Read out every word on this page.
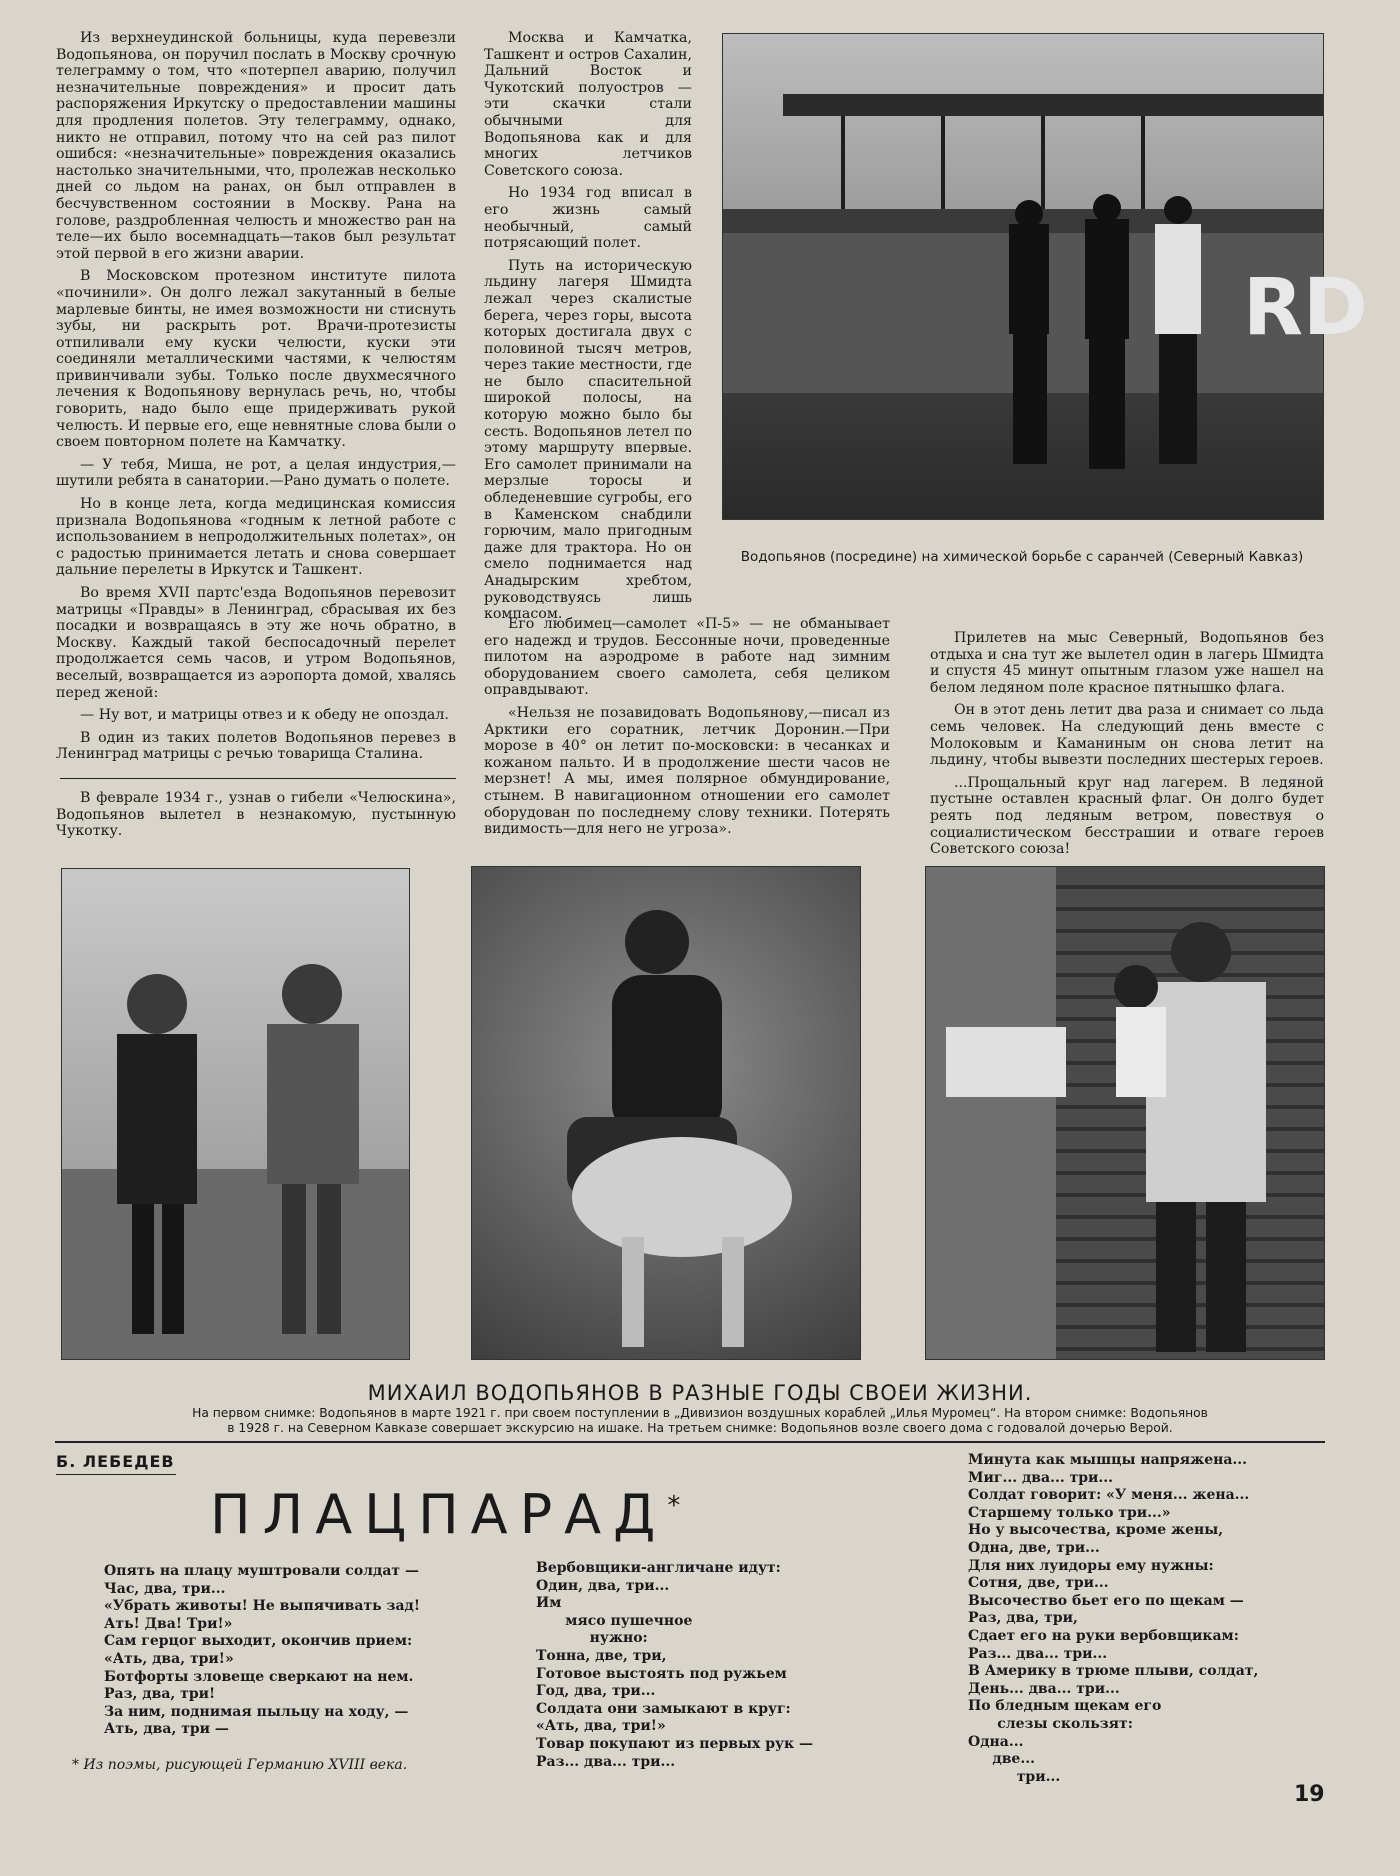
Из верхнеудинской больницы, куда перевезли Водопьянова, он поручил послать в Москву срочную телеграмму о том, что «потерпел аварию, получил незначительные повреждения» и просит дать распоряжения Иркутску о предоставлении машины для продления полетов. Эту телеграмму, однако, никто не отправил, потому что на сей раз пилот ошибся: «незначительные» повреждения оказались настолько значительными, что, пролежав несколько дней со льдом на ранах, он был отправлен в бесчувственном состоянии в Москву. Рана на голове, раздробленная челюсть и множество ран на теле—их было восемнадцать—таков был результат этой первой в его жизни аварии.

В Московском протезном институте пилота «починили». Он долго лежал закутанный в белые марлевые бинты, не имея возможности ни стиснуть зубы, ни раскрыть рот. Врачи-протезисты отпиливали ему куски челюсти, куски эти соединяли металлическими частями, к челюстям привинчивали зубы. Только после двухмесячного лечения к Водопьянову вернулась речь, но, чтобы говорить, надо было еще придерживать рукой челюсть. И первые его, еще невнятные слова были о своем повторном полете на Камчатку.

— У тебя, Миша, не рот, а целая индустрия,— шутили ребята в санатории.—Рано думать о полете.

Но в конце лета, когда медицинская комиссия признала Водопьянова «годным к летной работе с использованием в непродолжительных полетах», он с радостью принимается летать и снова совершает дальние перелеты в Иркутск и Ташкент.

Во время XVII партс'езда Водопьянов перевозит матрицы «Правды» в Ленинград, сбрасывая их без посадки и возвращаясь в эту же ночь обратно, в Москву. Каждый такой беспосадочный перелет продолжается семь часов, и утром Водопьянов, веселый, возвращается из аэропорта домой, хвалясь перед женой:

— Ну вот, и матрицы отвез и к обеду не опоздал.

В один из таких полетов Водопьянов перевез в Ленинград матрицы с речью товарища Сталина.

В феврале 1934 г., узнав о гибели «Челюскина», Водопьянов вылетел в незнакомую, пустынную Чукотку.

Москва и Камчатка, Ташкент и остров Сахалин, Дальний Восток и Чукотский полуостров — эти скачки стали обычными для Водопьянова как и для многих летчиков Советского союза.

Но 1934 год вписал в его жизнь самый необычный, самый потрясающий полет.

Путь на историческую льдину лагеря Шмидта лежал через скалистые берега, через горы, высота которых достигала двух с половиной тысяч метров, через такие местности, где не было спасительной широкой полосы, на которую можно было бы сесть. Водопьянов летел по этому маршруту впервые. Его самолет принимали на мерзлые торосы и обледеневшие сугробы, его в Каменском снабдили горючим, мало пригодным даже для трактора. Но он смело поднимается над Анадырским хребтом, руководствуясь лишь компасом.

Его любимец—самолет «П-5» — не обманывает его надежд и трудов. Бессонные ночи, проведенные пилотом на аэродроме в работе над зимним оборудованием своего самолета, себя целиком оправдывают.

«Нельзя не позавидовать Водопьянову,—писал из Арктики его соратник, летчик Доронин.—При морозе в 40° он летит по-московски: в чесанках и кожаном пальто. И в продолжение шести часов не мерзнет! А мы, имея полярное обмундирование, стынем. В навигационном отношении его самолет оборудован по последнему слову техники. Потерять видимость—для него не угроза».

RD
Водопьянов (посредине) на химической борьбе с саранчей (Северный Кавказ)

Прилетев на мыс Северный, Водопьянов без отдыха и сна тут же вылетел один в лагерь Шмидта и спустя 45 минут опытным глазом уже нашел на белом ледяном поле красное пятнышко флага.

Он в этот день летит два раза и снимает со льда семь человек. На следующий день вместе с Молоковым и Каманиным он снова летит на льдину, чтобы вывезти последних шестерых героев.

...Прощальный круг над лагерем. В ледяной пустыне оставлен красный флаг. Он долго будет реять под ледяным ветром, повествуя о социалистическом бесстрашии и отваге героев Советского союза!

МИХАИЛ ВОДОПЬЯНОВ В РАЗНЫЕ ГОДЫ СВОЕИ ЖИЗНИ.
На первом снимке: Водопьянов в марте 1921 г. при своем поступлении в „Дивизион воздушных кораблей „Илья Муромец“. На втором снимке: Водопьянов
в 1928 г. на Северном Кавказе совершает экскурсию на ишаке. На третьем снимке: Водопьянов возле своего дома с годовалой дочерью Верой.
Б. ЛЕБЕДЕВ
ПЛАЦПАРАД*
Опять на плацу муштровали солдат —
Час, два, три...
«Убрать животы! Не выпячивать зад!
Ать! Два! Три!»
Сам герцог выходит, окончив прием:
«Ать, два, три!»
Ботфорты зловеще сверкают на нем.
Раз, два, три!
За ним, поднимая пыльцу на ходу, —
Ать, два, три —
* Из поэмы, рисующей Германию XVIII века.
Вербовщики-англичане идут:
Один, два, три...
Им
мясо пушечное
нужно:
Тонна, две, три,
Готовое выстоять под ружьем
Год, два, три...
Солдата они замыкают в круг:
«Ать, два, три!»
Товар покупают из первых рук —
Раз... два... три...
Минута как мышцы напряжена...
Миг... два... три...
Солдат говорит: «У меня... жена...
Старшему только три...»
Но у высочества, кроме жены,
Одна, две, три...
Для них луидоры ему нужны:
Сотня, две, три...
Высочество бьет его по щекам —
Раз, два, три,
Сдает его на руки вербовщикам:
Раз... два... три...
В Америку в трюме плыви, солдат,
День... два... три...
По бледным щекам его
слезы скользят:
Одна...
две...
три...
19
